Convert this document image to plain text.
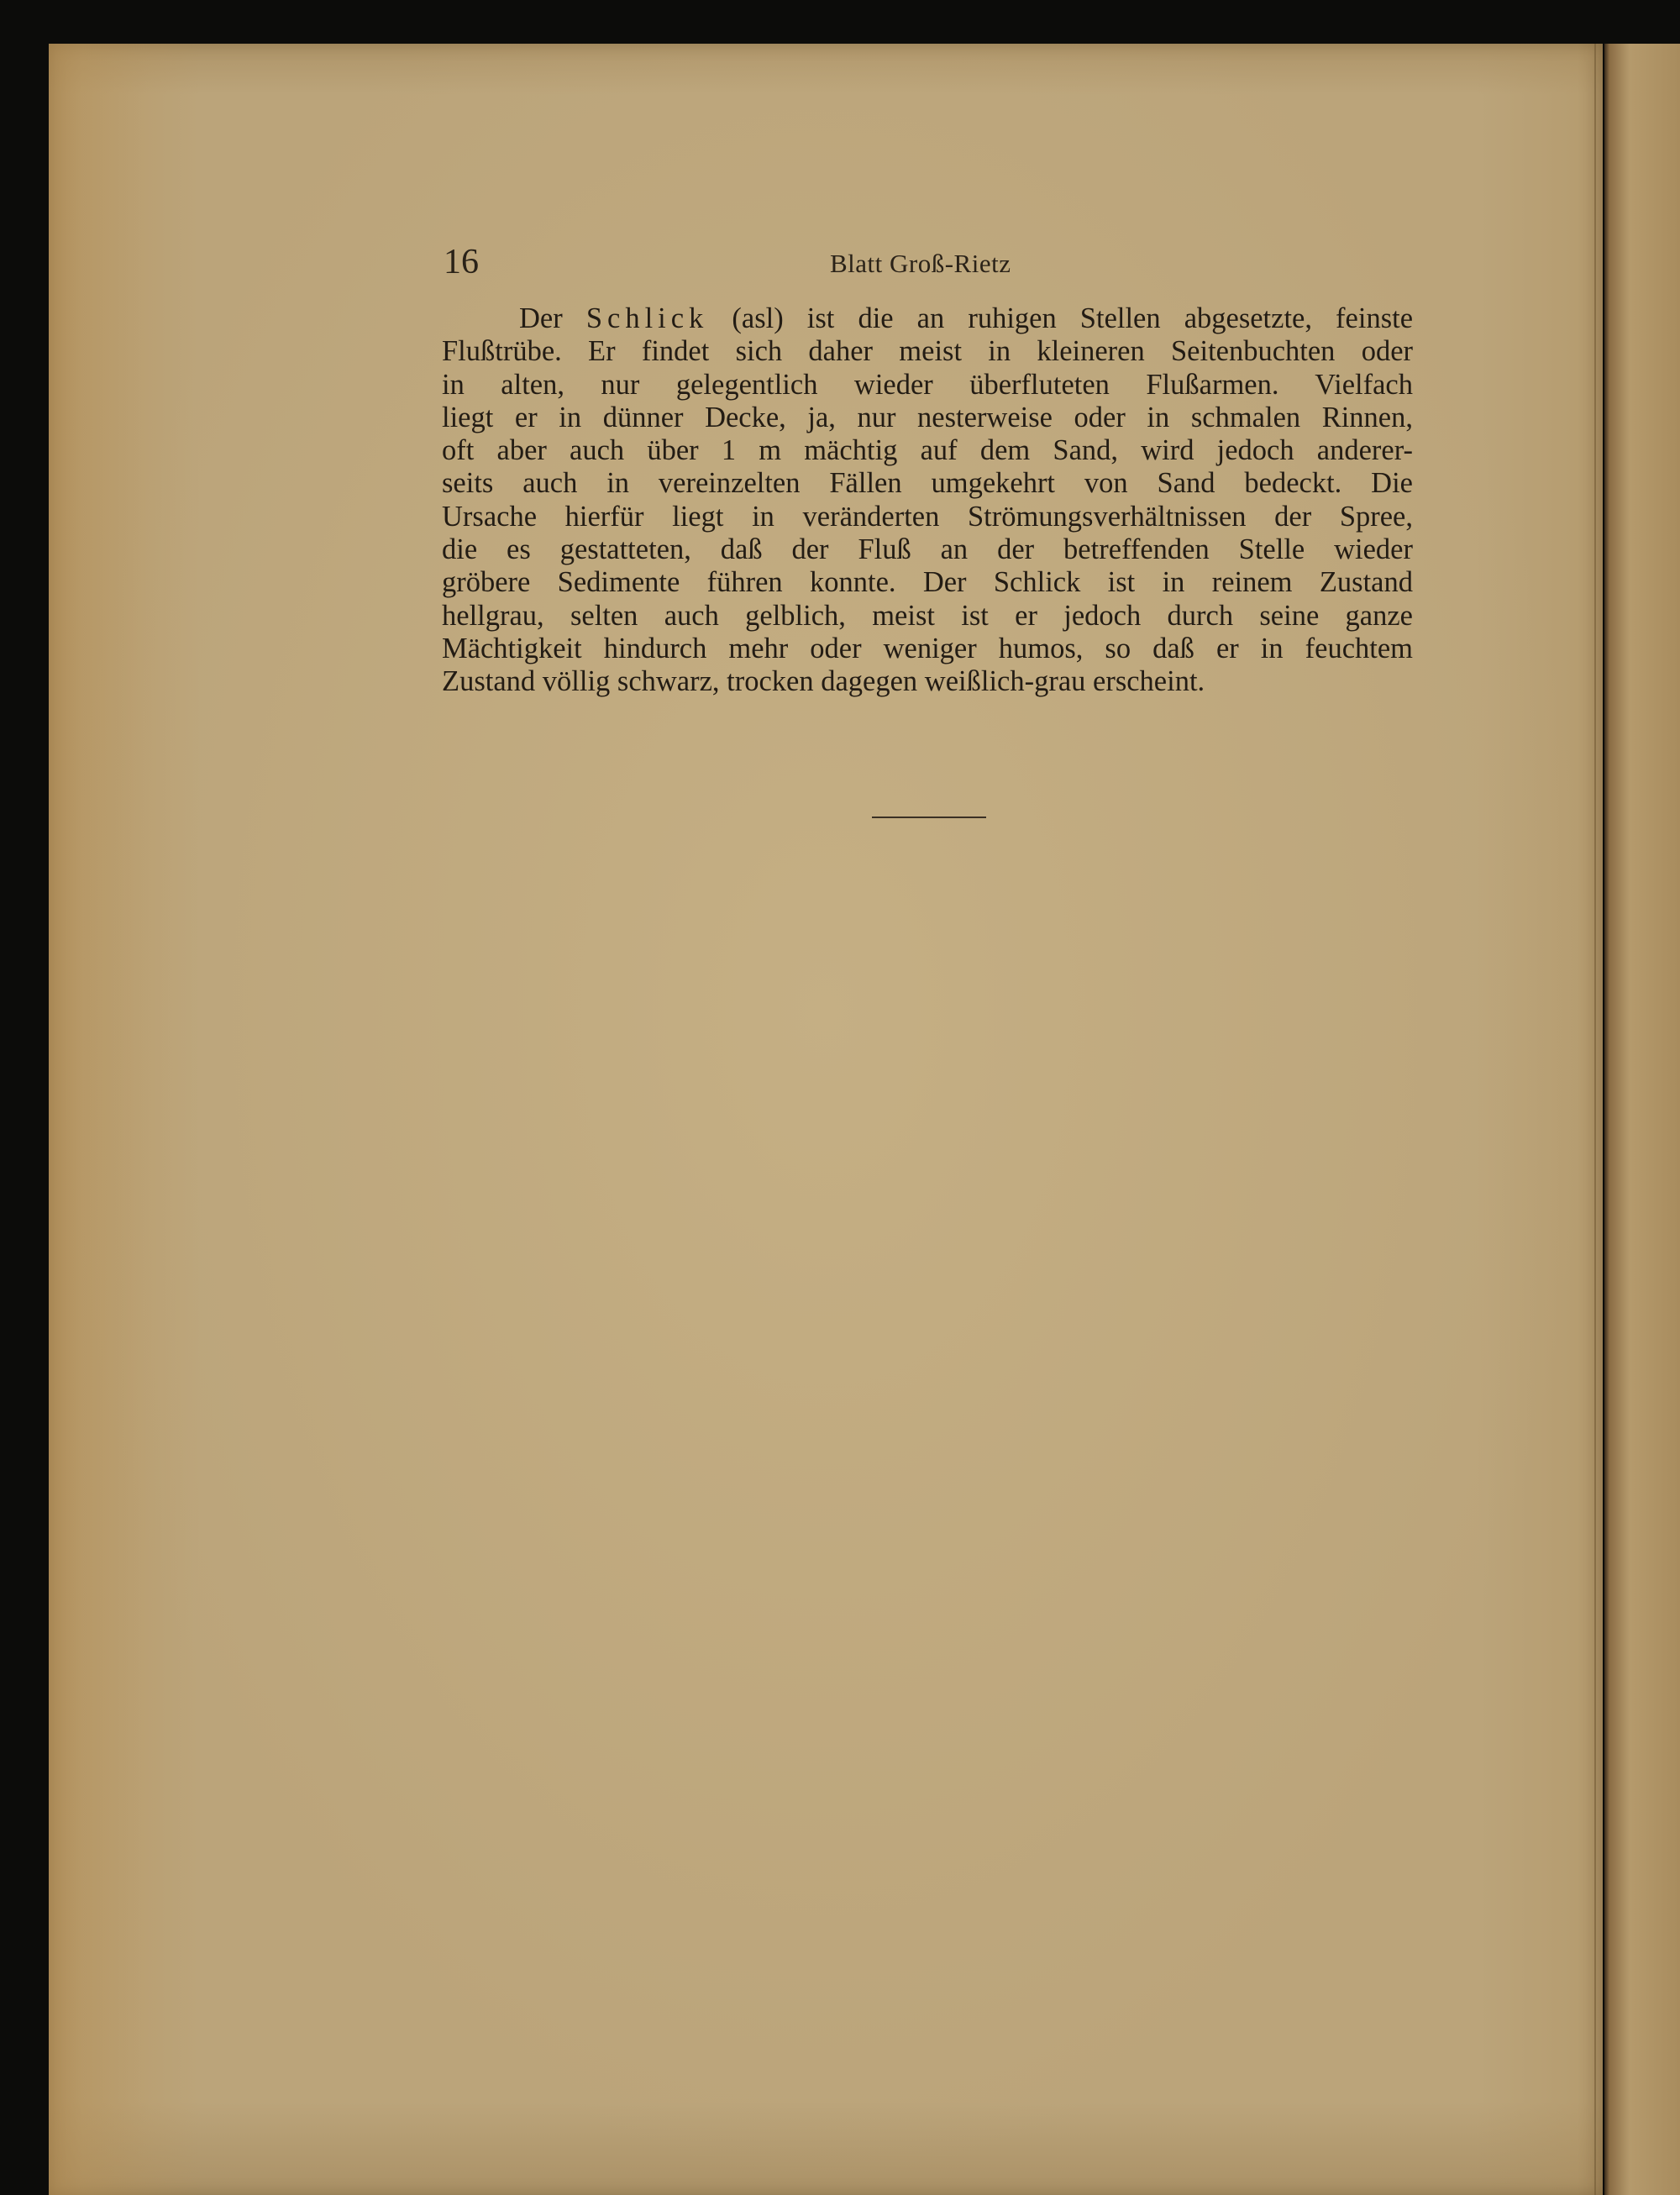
16	Blatt Groß-Rietz
Der Schlick (asl) ist die an ruhigen Stellen abgesetzte, feinste
Flußtrübe. Er findet sich daher meist in kleineren Seitenbuchten oder
in alten, nur gelegentlich wieder überfluteten Flußarmen. Vielfach
liegt er in dünner Decke, ja, nur nesterweise oder in schmalen Rinnen,
oft aber auch über 1 m mächtig auf dem Sand, wird jedoch anderer-
seits auch in vereinzelten Fällen umgekehrt von Sand bedeckt. Die
Ursache hierfür liegt in veränderten Strömungsverhältnissen der Spree,
die es gestatteten, daß der Fluß an der betreffenden Stelle wieder
gröbere Sedimente führen konnte. Der Schlick ist in reinem Zustand
hellgrau, selten auch gelblich, meist ist er jedoch durch seine ganze
Mächtigkeit hindurch mehr oder weniger humos, so daß er in feuchtem
Zustand völlig schwarz, trocken dagegen weißlich-grau erscheint.
